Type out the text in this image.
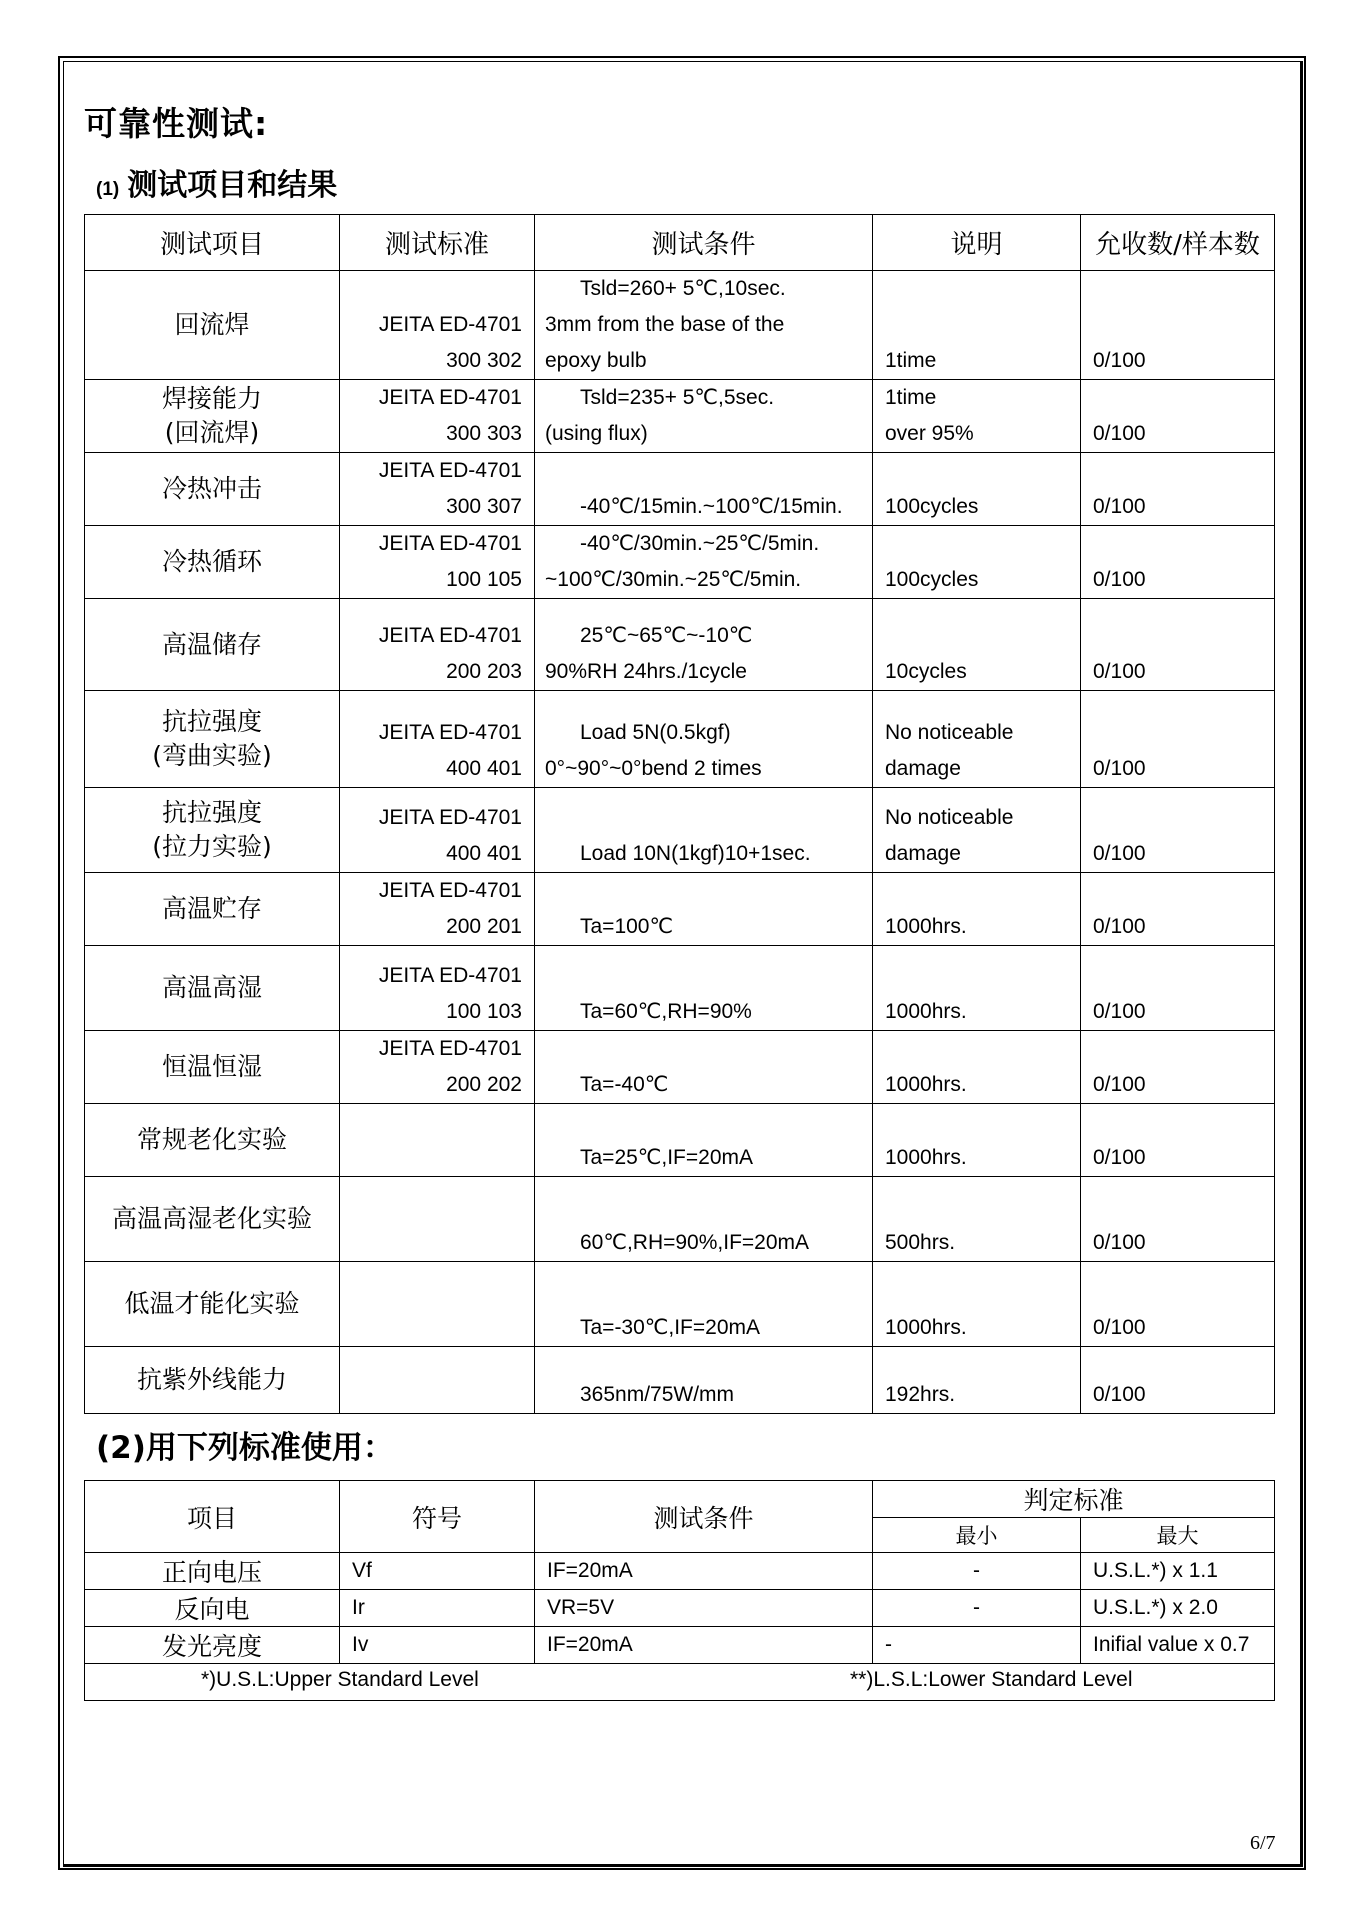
可靠性测试:
(1) 测试项目和结果
测试项目	测试标准	测试条件	说明	允收数/样本数

回流焊	JEITA ED-4701
300 302	Tsld=260+ 5℃,10sec.
3mm from the base of the
epoxy bulb	1time	0/100

焊接能力
(回流焊)	JEITA ED-4701
300 303	Tsld=235+ 5℃,5sec.
(using flux)	1time
over 95%	0/100

冷热冲击	JEITA ED-4701
300 307	-40℃/15min.~100℃/15min.	100cycles	0/100

冷热循环	JEITA ED-4701
100 105	-40℃/30min.~25℃/5min.
~100℃/30min.~25℃/5min.	100cycles	0/100

高温储存	JEITA ED-4701
200 203	25℃~65℃~-10℃
90%RH 24hrs./1cycle	10cycles	0/100

抗拉强度
(弯曲实验)	JEITA ED-4701
400 401	Load 5N(0.5kgf)
0°~90°~0°bend 2 times	No noticeable
damage	0/100

抗拉强度
(拉力实验)	JEITA ED-4701
400 401	Load 10N(1kgf)10+1sec.	No noticeable
damage	0/100

高温贮存	JEITA ED-4701
200 201	Ta=100℃	1000hrs.	0/100

高温高湿	JEITA ED-4701
100 103	Ta=60℃,RH=90%	1000hrs.	0/100

恒温恒湿	JEITA ED-4701
200 202	Ta=-40℃	1000hrs.	0/100

常规老化实验		Ta=25℃,IF=20mA	1000hrs.	0/100

高温高湿老化实验		60℃,RH=90%,IF=20mA	500hrs.	0/100

低温才能化实验		Ta=-30℃,IF=20mA	1000hrs.	0/100

抗紫外线能力		365nm/75W/mm	192hrs.	0/100
(2)用下列标准使用：
项目	符号	测试条件	判定标准	
			最小	最大
正向电压	Vf	IF=20mA	-	U.S.L.*) x 1.1
反向电	Ir	VR=5V	-	U.S.L.*) x 2.0
发光亮度	Iv	IF=20mA	-	Inifial value x 0.7

*)U.S.L:Upper Standard Level **)L.S.L:Lower Standard Level				
6/7
